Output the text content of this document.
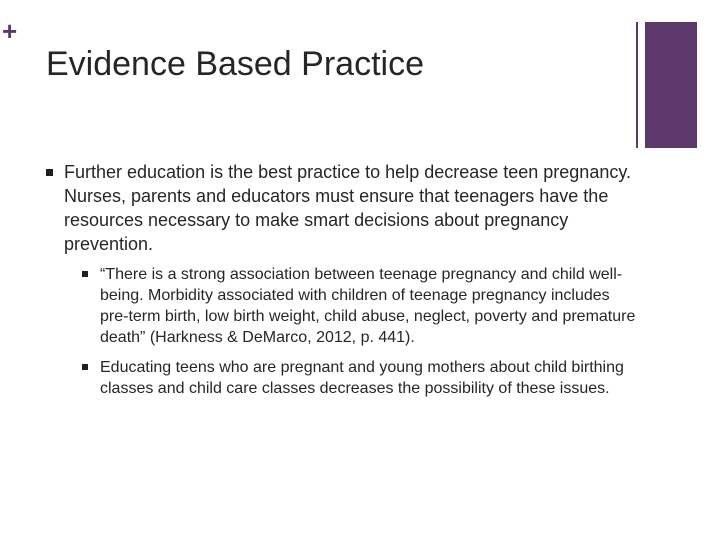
+
Evidence Based Practice
Further education is the best practice to help decrease teen pregnancy. Nurses, parents and educators must ensure that teenagers have the resources necessary to make smart decisions about pregnancy prevention.
“There is a strong association between teenage pregnancy and child well-being. Morbidity associated with children of teenage pregnancy includes pre-term birth, low birth weight, child abuse, neglect, poverty and premature death” (Harkness & DeMarco, 2012, p. 441).
Educating teens who are pregnant and young mothers about child birthing classes and child care classes decreases the possibility of these issues.
